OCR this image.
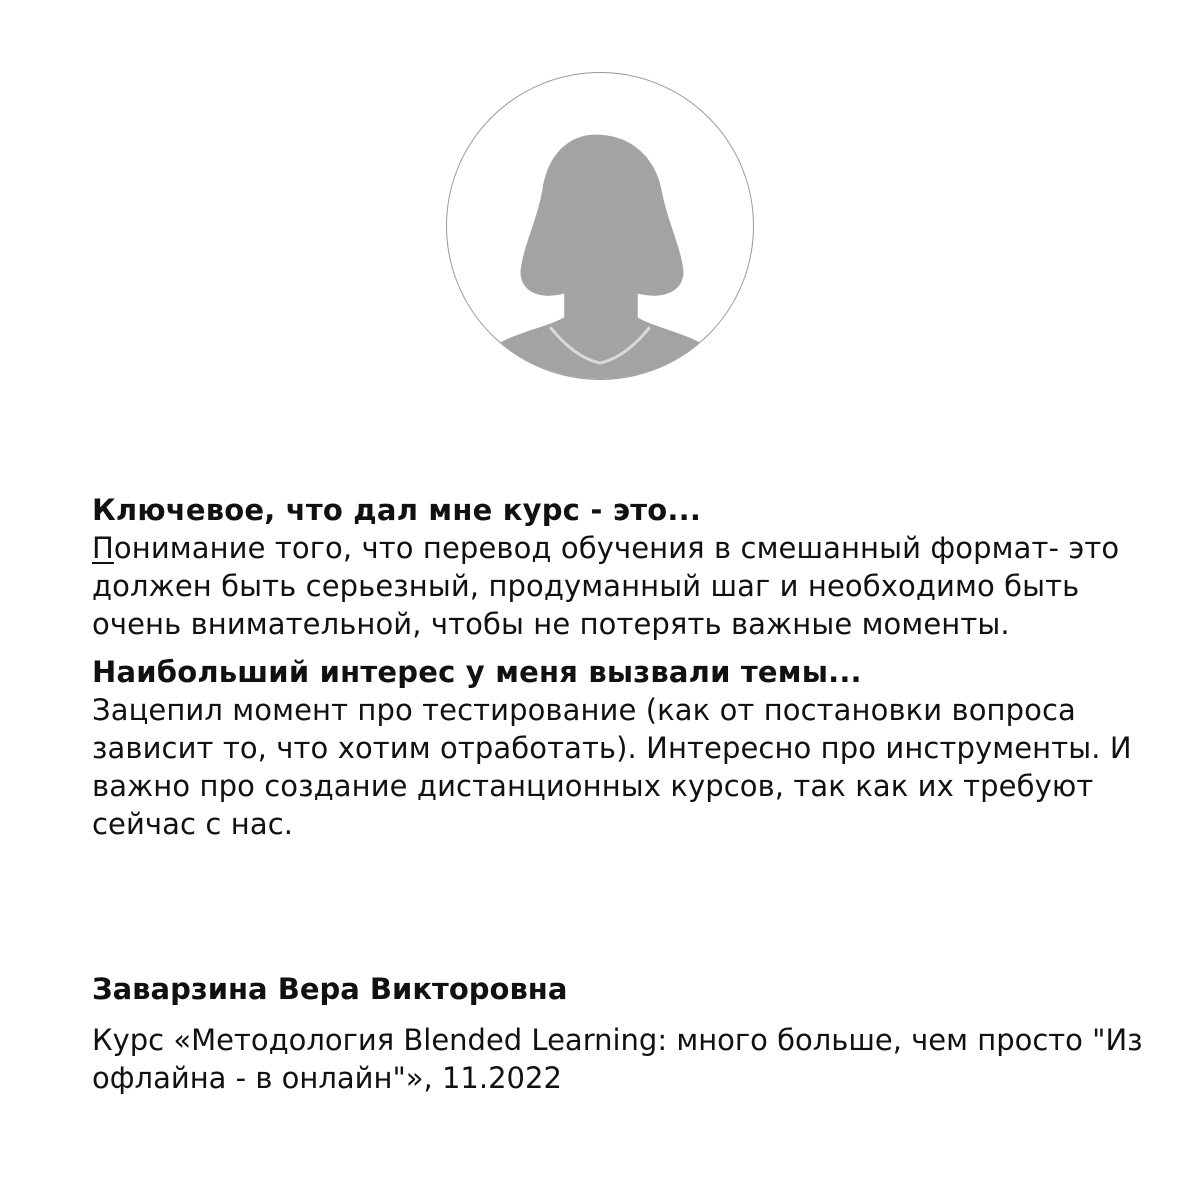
Ключевое, что дал мне курс - это...

Понимание того, что перевод обучения в смешанный формат- это должен быть серьезный, продуманный шаг и необходимо быть очень внимательной, чтобы не потерять важные моменты.

Наибольший интерес у меня вызвали темы...

Зацепил момент про тестирование (как от постановки вопроса зависит то, что хотим отработать). Интересно про инструменты. И важно про создание дистанционных курсов, так как их требуют сейчас с нас.

Заварзина Вера Викторовна
Курс «Методология Blended Learning: много больше, чем просто "Из офлайна - в онлайн"», 11.2022
